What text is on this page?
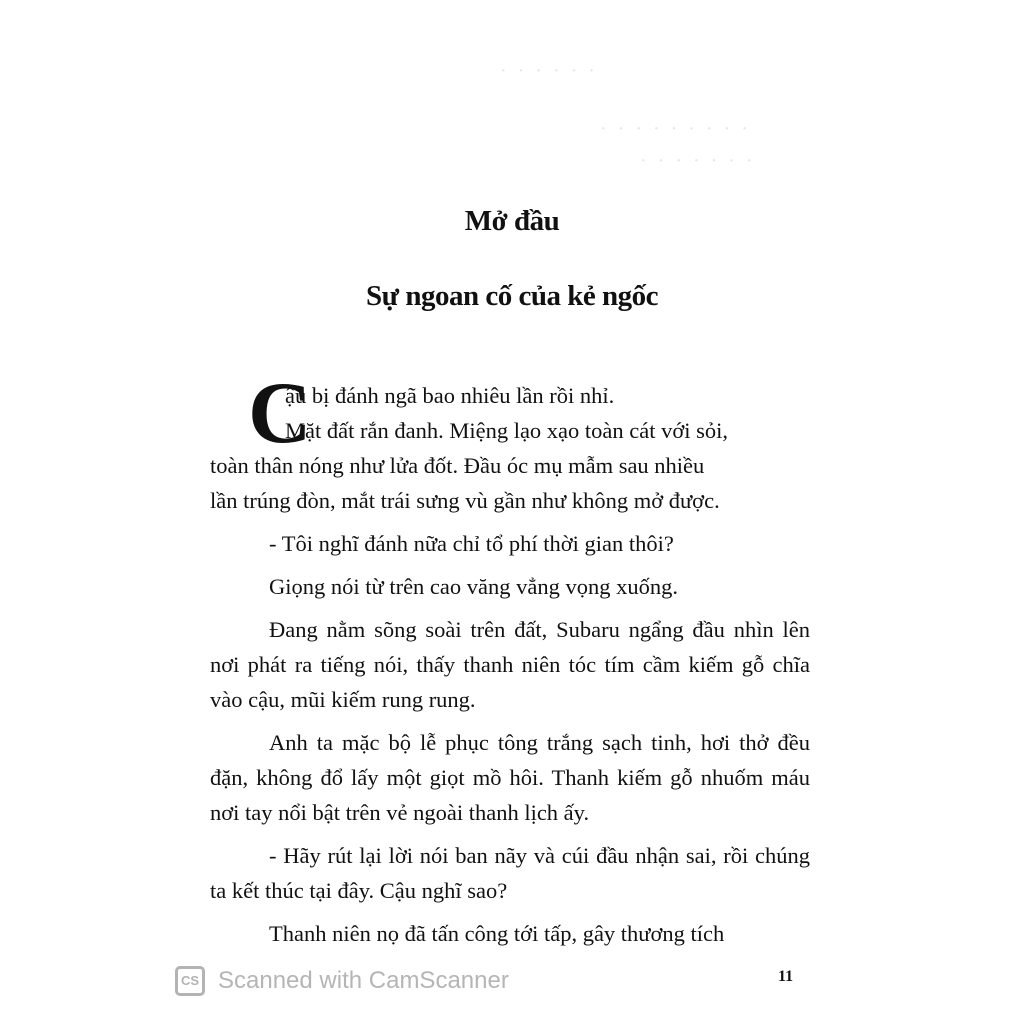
· · · · · ·
· · · · · · · · ·
· · · · · · ·
Mở đầu
Sự ngoan cố của kẻ ngốc
C
ậu bị đánh ngã bao nhiêu lần rồi nhỉ.
Mặt đất rắn đanh. Miệng lạo xạo toàn cát với sỏi,
toàn thân nóng như lửa đốt. Đầu óc mụ mẫm sau nhiều
lần trúng đòn, mắt trái sưng vù gần như không mở được.

- Tôi nghĩ đánh nữa chỉ tổ phí thời gian thôi?

Giọng nói từ trên cao văng vẳng vọng xuống.

Đang nằm sõng soài trên đất, Subaru ngẩng đầu nhìn lên nơi phát ra tiếng nói, thấy thanh niên tóc tím cầm kiếm gỗ chĩa vào cậu, mũi kiếm rung rung.

Anh ta mặc bộ lễ phục tông trắng sạch tinh, hơi thở đều đặn, không đổ lấy một giọt mồ hôi. Thanh kiếm gỗ nhuốm máu nơi tay nổi bật trên vẻ ngoài thanh lịch ấy.

- Hãy rút lại lời nói ban nãy và cúi đầu nhận sai, rồi chúng ta kết thúc tại đây. Cậu nghĩ sao?

Thanh niên nọ đã tấn công tới tấp, gây thương tích

CS Scanned with CamScanner	11
